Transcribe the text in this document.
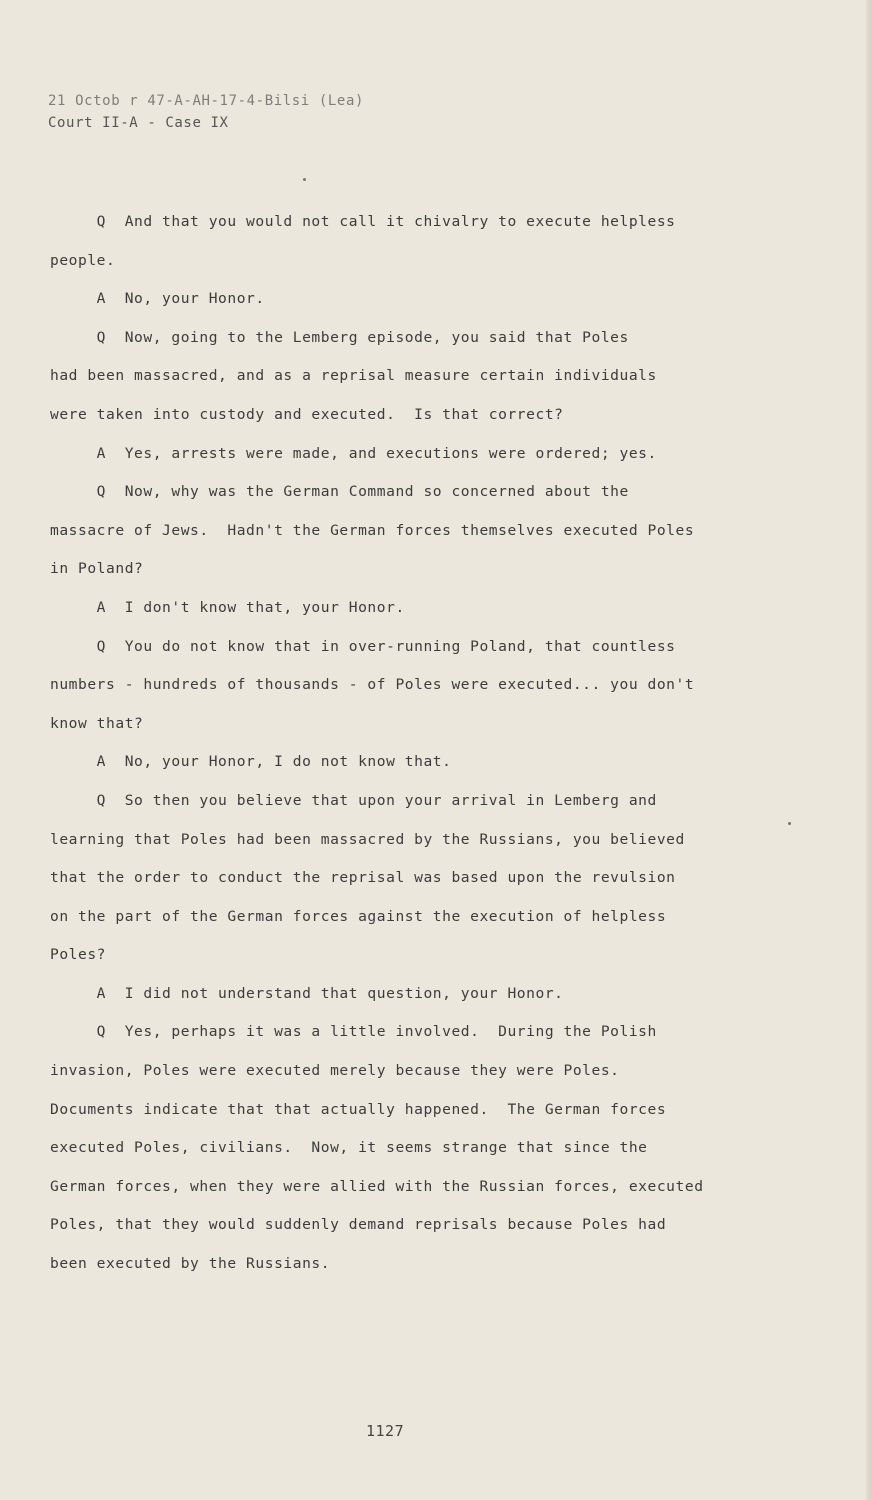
21 Octob r 47-A-AH-17-4-Bilsi (Lea)
Court II-A - Case IX
Q  And that you would not call it chivalry to execute helpless
people.
A  No, your Honor.
Q  Now, going to the Lemberg episode, you said that Poles
had been massacred, and as a reprisal measure certain individuals
were taken into custody and executed.  Is that correct?
A  Yes, arrests were made, and executions were ordered; yes.
Q  Now, why was the German Command so concerned about the
massacre of Jews.  Hadn't the German forces themselves executed Poles
in Poland?
A  I don't know that, your Honor.
Q  You do not know that in over-running Poland, that countless
numbers - hundreds of thousands - of Poles were executed... you don't
know that?
A  No, your Honor, I do not know that.
Q  So then you believe that upon your arrival in Lemberg and
learning that Poles had been massacred by the Russians, you believed
that the order to conduct the reprisal was based upon the revulsion
on the part of the German forces against the execution of helpless
Poles?
A  I did not understand that question, your Honor.
Q  Yes, perhaps it was a little involved.  During the Polish
invasion, Poles were executed merely because they were Poles.
Documents indicate that that actually happened.  The German forces
executed Poles, civilians.  Now, it seems strange that since the
German forces, when they were allied with the Russian forces, executed
Poles, that they would suddenly demand reprisals because Poles had
been executed by the Russians.
1127
